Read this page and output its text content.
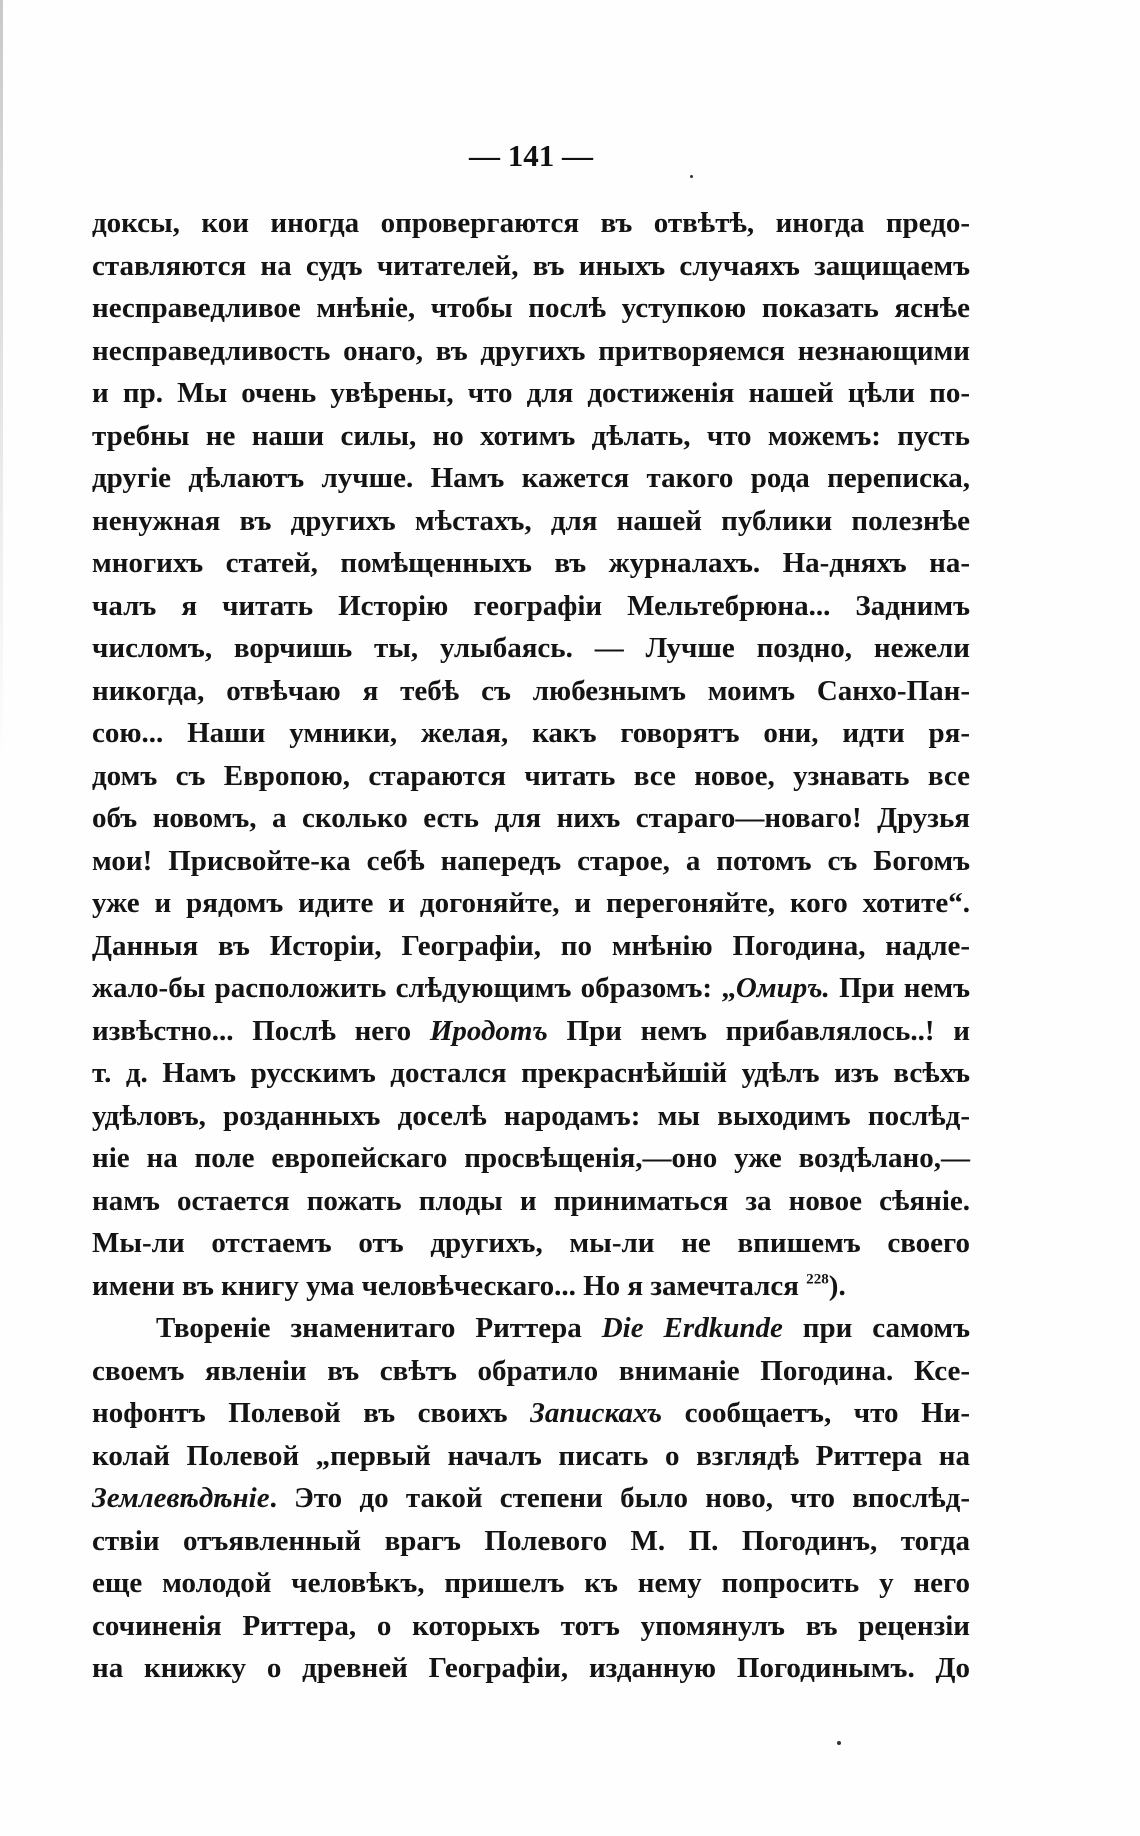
— 141 —
доксы, кои иногда опровергаются въ отвѣтѣ, иногда предо-
ставляются на судъ читателей, въ иныхъ случаяхъ защищаемъ
несправедливое мнѣніе, чтобы послѣ уступкою показать яснѣе
несправедливость онаго, въ другихъ притворяемся незнающими
и пр. Мы очень увѣрены, что для достиженія нашей цѣли по-
требны не наши силы, но хотимъ дѣлать, что можемъ: пусть
другіе дѣлаютъ лучше. Намъ кажется такого рода переписка,
ненужная въ другихъ мѣстахъ, для нашей публики полезнѣе
многихъ статей, помѣщенныхъ въ журналахъ. На-дняхъ на-
чалъ я читать Исторію географіи Мельтебрюна... Заднимъ
числомъ, ворчишь ты, улыбаясь. — Лучше поздно, нежели
никогда, отвѣчаю я тебѣ съ любезнымъ моимъ Санхо-Пан-
сою... Наши умники, желая, какъ говорятъ они, идти ря-
домъ съ Европою, стараются читать все новое, узнавать все
объ новомъ, а сколько есть для нихъ стараго—новаго! Друзья
мои! Присвойте-ка себѣ напередъ старое, а потомъ съ Богомъ
уже и рядомъ идите и догоняйте, и перегоняйте, кого хотите“.
Данныя въ Исторіи, Географіи, по мнѣнію Погодина, надле-
жало-бы расположить слѣдующимъ образомъ: „Омиръ. При немъ
извѣстно... Послѣ него Иродотъ При немъ прибавлялось..! и
т. д. Намъ русскимъ достался прекраснѣйшій удѣлъ изъ всѣхъ
удѣловъ, розданныхъ доселѣ народамъ: мы выходимъ послѣд-
ніе на поле европейскаго просвѣщенія,—оно уже воздѣлано,—
намъ остается пожать плоды и приниматься за новое сѣяніе.
Мы-ли отстаемъ отъ другихъ, мы-ли не впишемъ своего
имени въ книгу ума человѣческаго... Но я замечтался $^{228}$).
Твореніе знаменитаго Риттера Die Erdkunde при самомъ
своемъ явленіи въ свѣтъ обратило вниманіе Погодина. Ксе-
нофонтъ Полевой въ своихъ Запискахъ сообщаетъ, что Ни-
колай Полевой „первый началъ писать о взглядѣ Риттера на
Землевѣдѣніе. Это до такой степени было ново, что впослѣд-
ствіи отъявленный врагъ Полевого М. П. Погодинъ, тогда
еще молодой человѣкъ, пришелъ къ нему попросить у него
сочиненія Риттера, о которыхъ тотъ упомянулъ въ рецензіи
на книжку о древней Географіи, изданную Погодинымъ. До
